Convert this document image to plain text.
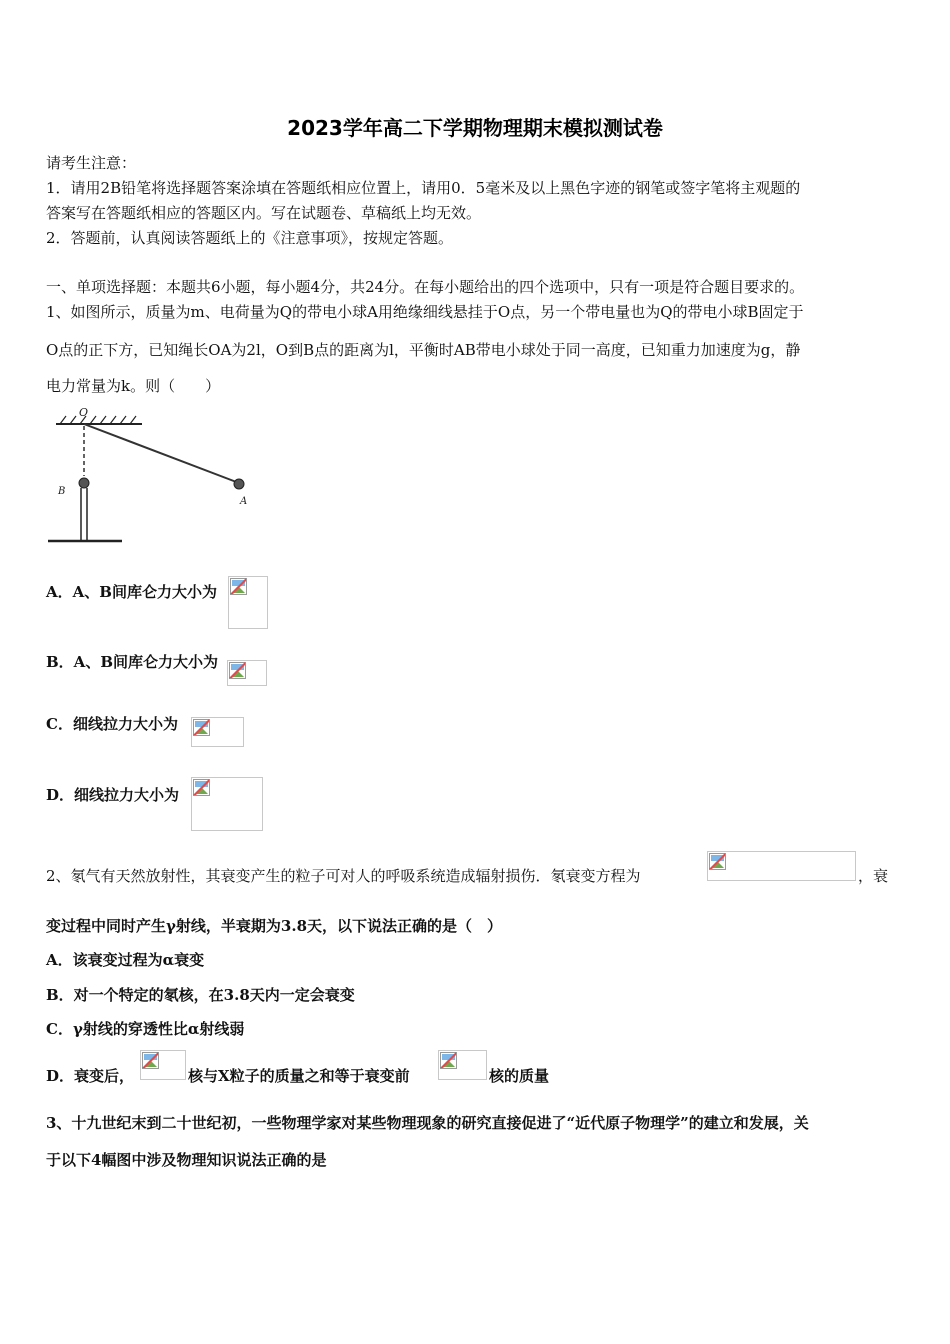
2023学年高二下学期物理期末模拟测试卷
请考生注意：
1．请用2B铅笔将选择题答案涂填在答题纸相应位置上，请用0．5毫米及以上黑色字迹的钢笔或签字笔将主观题的
答案写在答题纸相应的答题区内。写在试题卷、草稿纸上均无效。
2．答题前，认真阅读答题纸上的《注意事项》，按规定答题。
一、单项选择题：本题共6小题，每小题4分，共24分。在每小题给出的四个选项中，只有一项是符合题目要求的。
1、如图所示，质量为m、电荷量为Q的带电小球A用绝缘细线悬挂于O点，另一个带电量也为Q的带电小球B固定于
O点的正下方，已知绳长OA为2l，O到B点的距离为l，平衡时AB带电小球处于同一高度，已知重力加速度为g，静
电力常量为k。则（　　）
O
A
B
A．A、B间库仑力大小为
B．A、B间库仑力大小为
C．细线拉力大小为
D．细线拉力大小为
2、氡气有天然放射性，其衰变产生的粒子可对人的呼吸系统造成辐射损伤．氡衰变方程为	，衰
变过程中同时产生γ射线，半衰期为3.8天，以下说法正确的是（　）
A．该衰变过程为α衰变
B．对一个特定的氡核，在3.8天内一定会衰变
C．γ射线的穿透性比α射线弱
D．衰变后，	核与X粒子的质量之和等于衰变前	核的质量
3、十九世纪末到二十世纪初，一些物理学家对某些物理现象的研究直接促进了“近代原子物理学”的建立和发展，关
于以下4幅图中涉及物理知识说法正确的是
